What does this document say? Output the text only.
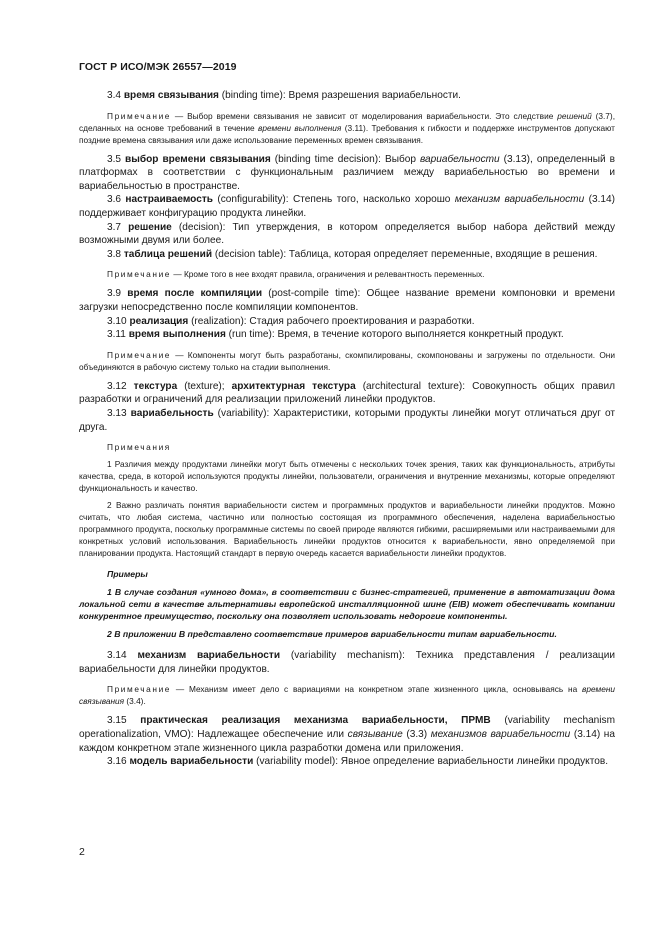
ГОСТ Р ИСО/МЭК 26557—2019

3.4 время связывания (binding time): Время разрешения вариабельности.

Примечание — Выбор времени связывания не зависит от моделирования вариабельности. Это следствие решений (3.7), сделанных на основе требований в течение времени выполнения (3.11). Требования к гибкости и поддержке инструментов допускают поздние времена связывания или даже использование переменных времен связывания.

3.5 выбор времени связывания (binding time decision): Выбор вариабельности (3.13), определенный в платформах в соответствии с функциональным различием между вариабельностью во времени и вариабельностью в пространстве.

3.6 настраиваемость (configurability): Степень того, насколько хорошо механизм вариабельности (3.14) поддерживает конфигурацию продукта линейки.

3.7 решение (decision): Тип утверждения, в котором определяется выбор набора действий между возможными двумя или более.

3.8 таблица решений (decision table): Таблица, которая определяет переменные, входящие в решения.

Примечание — Кроме того в нее входят правила, ограничения и релевантность переменных.

3.9 время после компиляции (post-compile time): Общее название времени компоновки и времени загрузки непосредственно после компиляции компонентов.

3.10 реализация (realization): Стадия рабочего проектирования и разработки.

3.11 время выполнения (run time): Время, в течение которого выполняется конкретный продукт.

Примечание — Компоненты могут быть разработаны, скомпилированы, скомпонованы и загружены по отдельности. Они объединяются в рабочую систему только на стадии выполнения.

3.12 текстура (texture); архитектурная текстура (architectural texture): Совокупность общих правил разработки и ограничений для реализации приложений линейки продуктов.

3.13 вариабельность (variability): Характеристики, которыми продукты линейки могут отличаться друг от друга.

Примечания

1 Различия между продуктами линейки могут быть отмечены с нескольких точек зрения, таких как функциональность, атрибуты качества, среда, в которой используются продукты линейки, пользователи, ограничения и внутренние механизмы, которые определяют функциональность и качество.

2 Важно различать понятия вариабельности систем и программных продуктов и вариабельности линейки продуктов. Можно считать, что любая система, частично или полностью состоящая из программного обеспечения, наделена вариабельностью программного продукта, поскольку программные системы по своей природе являются гибкими, расширяемыми или настраиваемыми для конкретных условий использования. Вариабельность линейки продуктов относится к вариабельности, явно определяемой при планировании продукта. Настоящий стандарт в первую очередь касается вариабельности линейки продуктов.

Примеры

1 В случае создания «умного дома», в соответствии с бизнес-стратегией, применение в автоматизации дома локальной сети в качестве альтернативы европейской инсталляционной шине (EIB) может обеспечивать компании конкурентное преимущество, поскольку она позволяет использовать недорогие компоненты.

2 В приложении В представлено соответствие примеров вариабельности типам вариабельности.

3.14 механизм вариабельности (variability mechanism): Техника представления / реализации вариабельности для линейки продуктов.

Примечание — Механизм имеет дело с вариациями на конкретном этапе жизненного цикла, основываясь на времени связывания (3.4).

3.15 практическая реализация механизма вариабельности, ПРМВ (variability mechanism operationalization, VMO): Надлежащее обеспечение или связывание (3.3) механизмов вариабельности (3.14) на каждом конкретном этапе жизненного цикла разработки домена или приложения.

3.16 модель вариабельности (variability model): Явное определение вариабельности линейки продуктов.

2
